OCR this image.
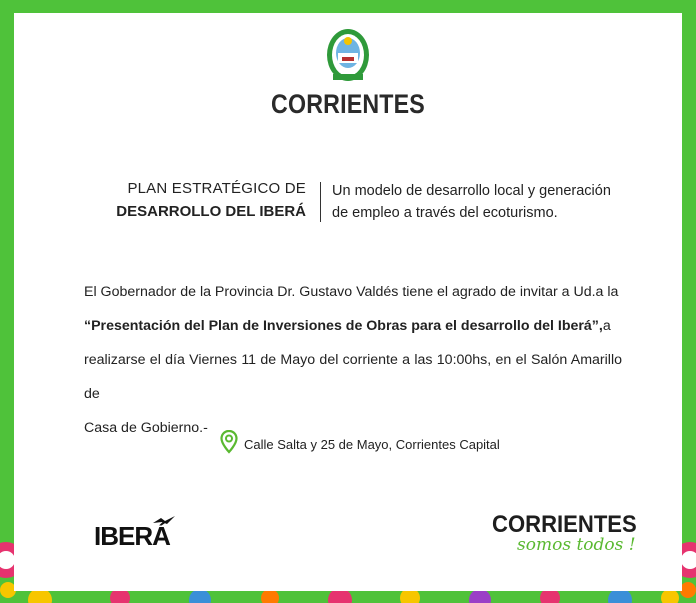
CORRIENTES
PLAN ESTRATÉGICO DE
DESARROLLO DEL IBERÁ
Un modelo de desarrollo local y generación
de empleo a través del ecoturismo.

El Gobernador de la Provincia Dr. Gustavo Valdés tiene el agrado de invitar a Ud.a la

“Presentación del Plan de Inversiones de Obras para el desarrollo del Iberá”,a

realizarse el día Viernes 11 de Mayo del corriente a las 10:00hs, en el Salón Amarillo de

Casa de Gobierno.-

Calle Salta y 25 de Mayo, Corrientes Capital
IBERÁ	CORRIENTES
somos todos !
